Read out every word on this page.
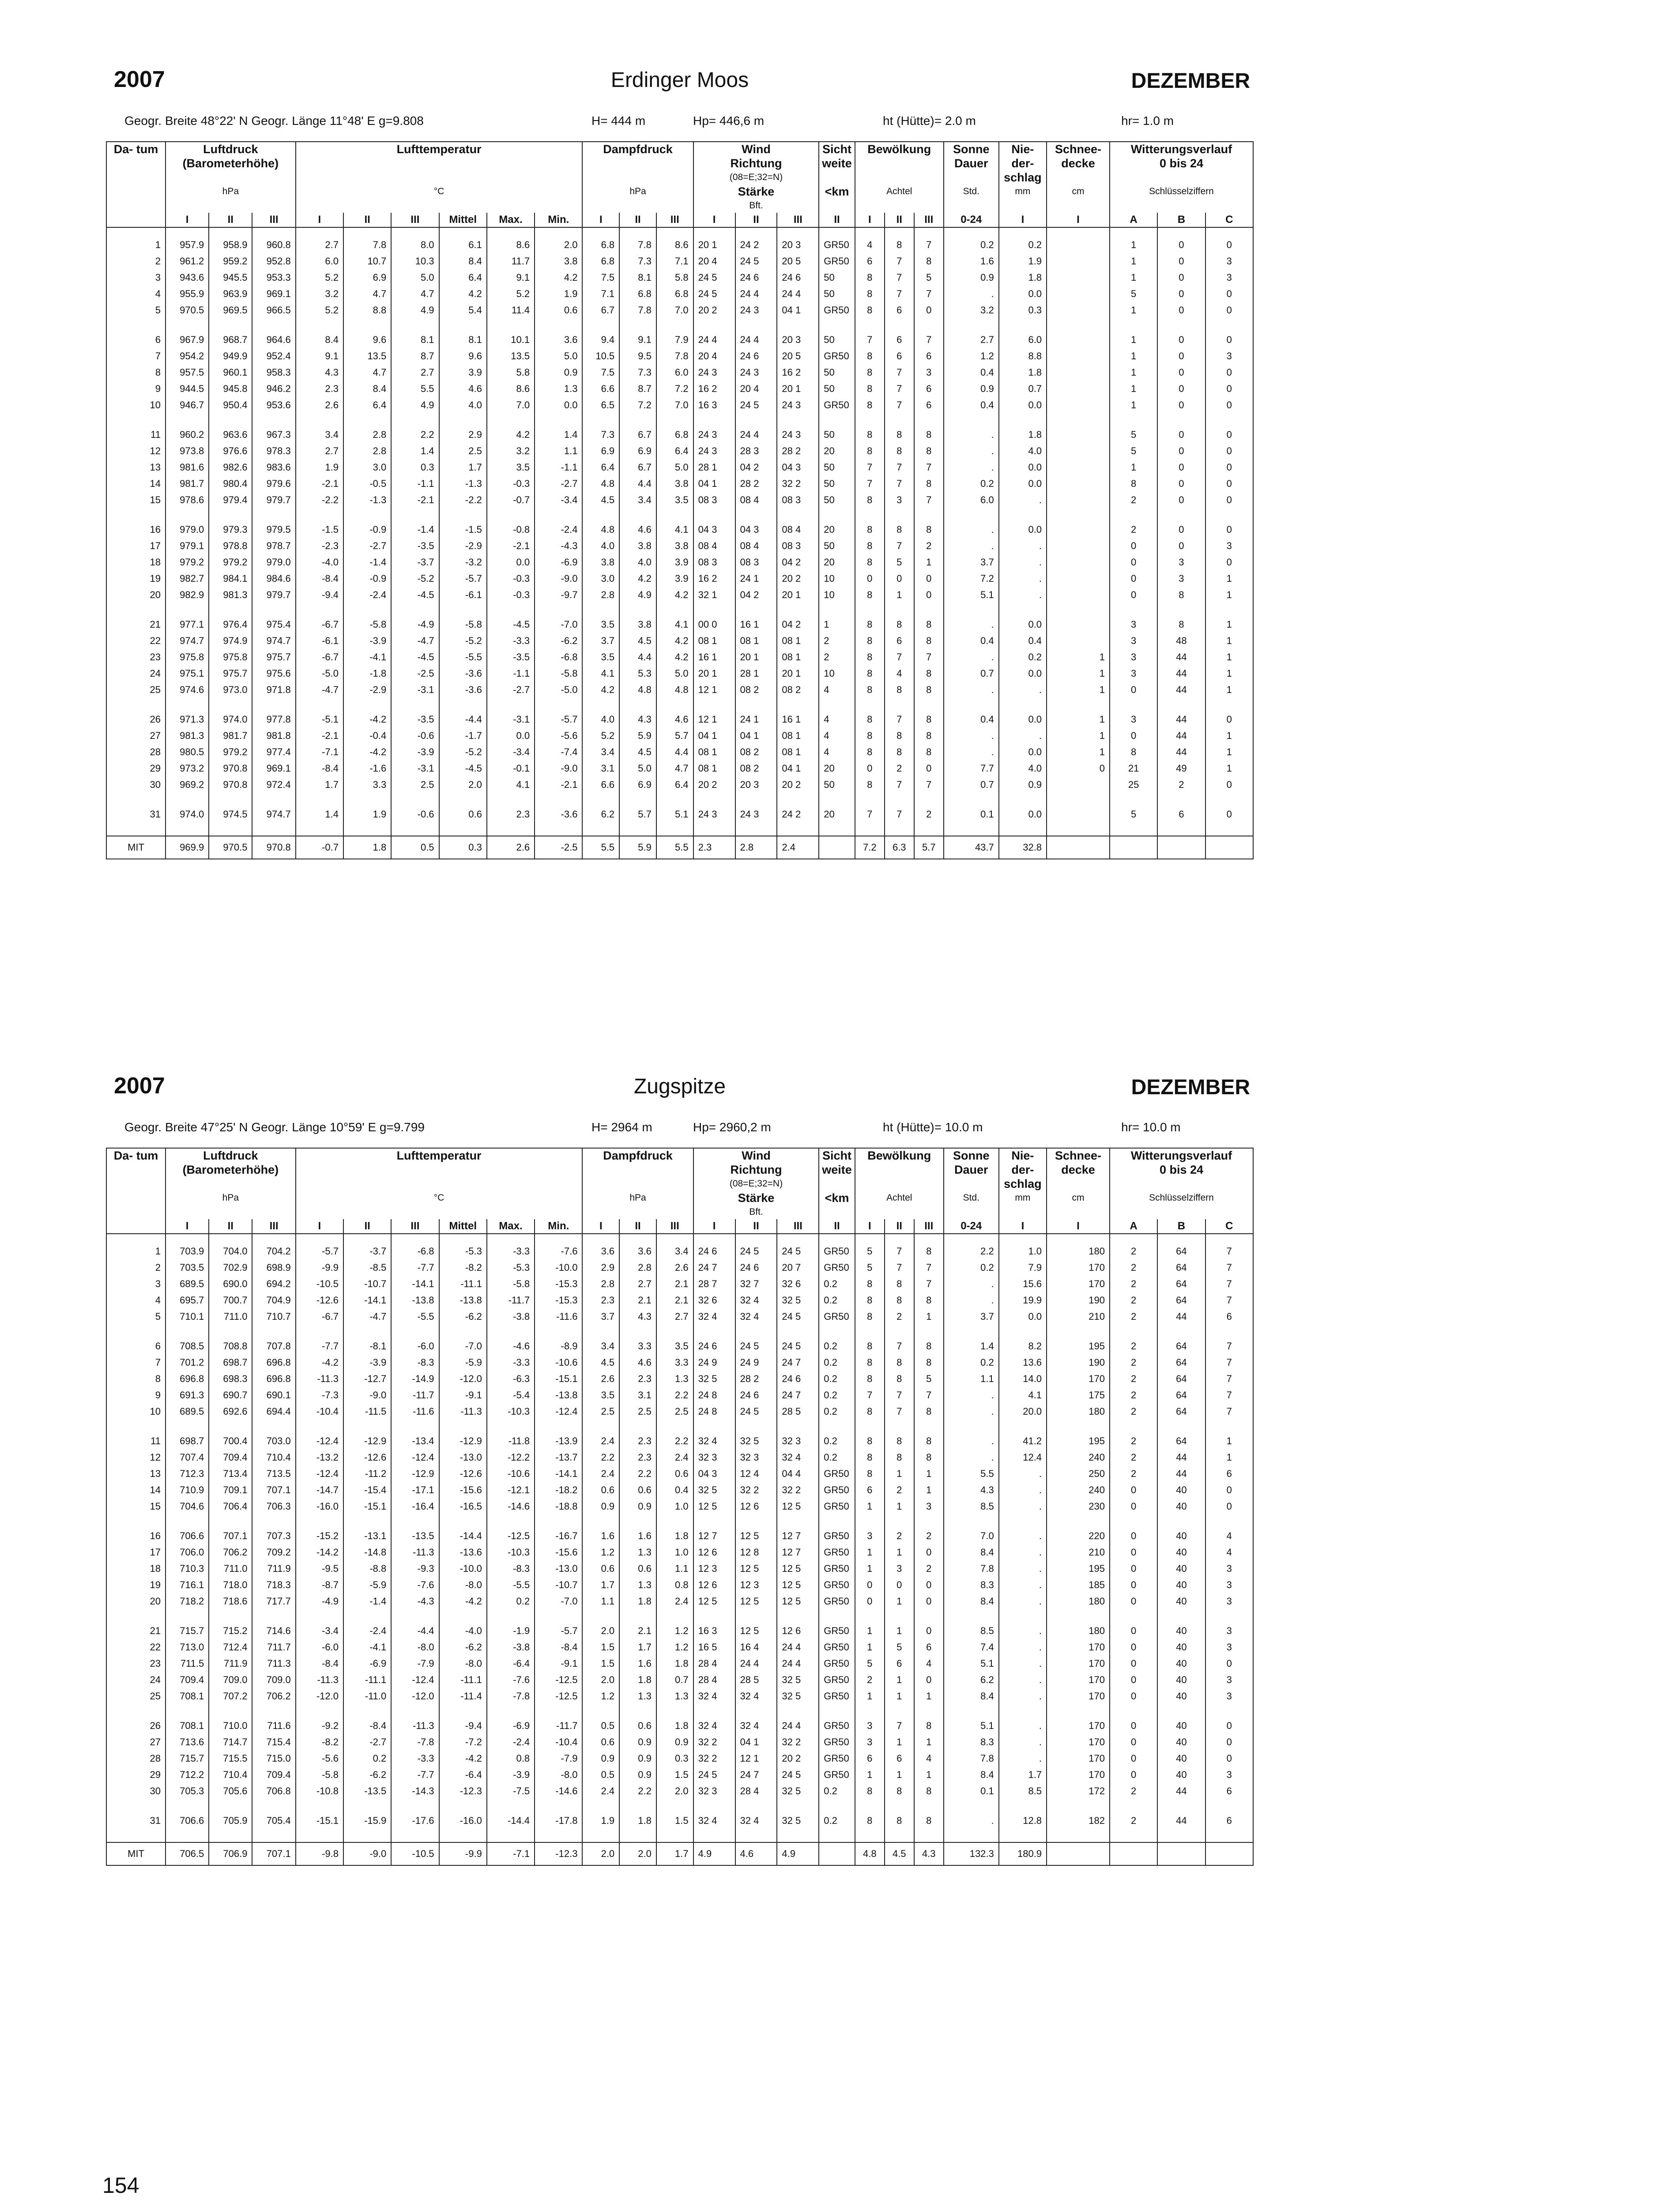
2007	Erdinger Moos	DEZEMBER
Geogr. Breite 48°22' N Geogr. Länge 11°48' E g=9.808	H= 444 m	Hp= 446,6 m	ht (Hütte)= 2.0 m	hr= 1.0 m
Da- tum	Luftdruck			Lufttemperatur						Dampfdruck			Wind			Sicht	Bewölkung			Sonne	Nie-	Schnee-	Witterungsverlauf		
	(Barometerhöhe)												Richtung			weite				Dauer	der-	decke	0 bis 24		
													(08=E;32=N)								schlag				
	hPa			°C						hPa			Stärke			<km	Achtel			Std.	mm	cm	Schlüsselziffern		
													Bft.												
	I	II	III	I	II	III	Mittel	Max.	Min.	I	II	III	I	II	III	II	I	II	III	0-24	I	I	A	B	C

1	957.9	958.9	960.8	2.7	7.8	8.0	6.1	8.6	2.0	6.8	7.8	8.6	20 1	24 2	20 3	GR50	4	8	7	0.2	0.2		1	0	0
2	961.2	959.2	952.8	6.0	10.7	10.3	8.4	11.7	3.8	6.8	7.3	7.1	20 4	24 5	20 5	GR50	6	7	8	1.6	1.9		1	0	3
3	943.6	945.5	953.3	5.2	6.9	5.0	6.4	9.1	4.2	7.5	8.1	5.8	24 5	24 6	24 6	50	8	7	5	0.9	1.8		1	0	3
4	955.9	963.9	969.1	3.2	4.7	4.7	4.2	5.2	1.9	7.1	6.8	6.8	24 5	24 4	24 4	50	8	7	7	.	0.0		5	0	0
5	970.5	969.5	966.5	5.2	8.8	4.9	5.4	11.4	0.6	6.7	7.8	7.0	20 2	24 3	04 1	GR50	8	6	0	3.2	0.3		1	0	0

6	967.9	968.7	964.6	8.4	9.6	8.1	8.1	10.1	3.6	9.4	9.1	7.9	24 4	24 4	20 3	50	7	6	7	2.7	6.0		1	0	0
7	954.2	949.9	952.4	9.1	13.5	8.7	9.6	13.5	5.0	10.5	9.5	7.8	20 4	24 6	20 5	GR50	8	6	6	1.2	8.8		1	0	3
8	957.5	960.1	958.3	4.3	4.7	2.7	3.9	5.8	0.9	7.5	7.3	6.0	24 3	24 3	16 2	50	8	7	3	0.4	1.8		1	0	0
9	944.5	945.8	946.2	2.3	8.4	5.5	4.6	8.6	1.3	6.6	8.7	7.2	16 2	20 4	20 1	50	8	7	6	0.9	0.7		1	0	0
10	946.7	950.4	953.6	2.6	6.4	4.9	4.0	7.0	0.0	6.5	7.2	7.0	16 3	24 5	24 3	GR50	8	7	6	0.4	0.0		1	0	0

11	960.2	963.6	967.3	3.4	2.8	2.2	2.9	4.2	1.4	7.3	6.7	6.8	24 3	24 4	24 3	50	8	8	8	.	1.8		5	0	0
12	973.8	976.6	978.3	2.7	2.8	1.4	2.5	3.2	1.1	6.9	6.9	6.4	24 3	28 3	28 2	20	8	8	8	.	4.0		5	0	0
13	981.6	982.6	983.6	1.9	3.0	0.3	1.7	3.5	-1.1	6.4	6.7	5.0	28 1	04 2	04 3	50	7	7	7	.	0.0		1	0	0
14	981.7	980.4	979.6	-2.1	-0.5	-1.1	-1.3	-0.3	-2.7	4.8	4.4	3.8	04 1	28 2	32 2	50	7	7	8	0.2	0.0		8	0	0
15	978.6	979.4	979.7	-2.2	-1.3	-2.1	-2.2	-0.7	-3.4	4.5	3.4	3.5	08 3	08 4	08 3	50	8	3	7	6.0	.		2	0	0

16	979.0	979.3	979.5	-1.5	-0.9	-1.4	-1.5	-0.8	-2.4	4.8	4.6	4.1	04 3	04 3	08 4	20	8	8	8	.	0.0		2	0	0
17	979.1	978.8	978.7	-2.3	-2.7	-3.5	-2.9	-2.1	-4.3	4.0	3.8	3.8	08 4	08 4	08 3	50	8	7	2	.	.		0	0	3
18	979.2	979.2	979.0	-4.0	-1.4	-3.7	-3.2	0.0	-6.9	3.8	4.0	3.9	08 3	08 3	04 2	20	8	5	1	3.7	.		0	3	0
19	982.7	984.1	984.6	-8.4	-0.9	-5.2	-5.7	-0.3	-9.0	3.0	4.2	3.9	16 2	24 1	20 2	10	0	0	0	7.2	.		0	3	1
20	982.9	981.3	979.7	-9.4	-2.4	-4.5	-6.1	-0.3	-9.7	2.8	4.9	4.2	32 1	04 2	20 1	10	8	1	0	5.1	.		0	8	1

21	977.1	976.4	975.4	-6.7	-5.8	-4.9	-5.8	-4.5	-7.0	3.5	3.8	4.1	00 0	16 1	04 2	1	8	8	8	.	0.0		3	8	1
22	974.7	974.9	974.7	-6.1	-3.9	-4.7	-5.2	-3.3	-6.2	3.7	4.5	4.2	08 1	08 1	08 1	2	8	6	8	0.4	0.4		3	48	1
23	975.8	975.8	975.7	-6.7	-4.1	-4.5	-5.5	-3.5	-6.8	3.5	4.4	4.2	16 1	20 1	08 1	2	8	7	7	.	0.2	1	3	44	1
24	975.1	975.7	975.6	-5.0	-1.8	-2.5	-3.6	-1.1	-5.8	4.1	5.3	5.0	20 1	28 1	20 1	10	8	4	8	0.7	0.0	1	3	44	1
25	974.6	973.0	971.8	-4.7	-2.9	-3.1	-3.6	-2.7	-5.0	4.2	4.8	4.8	12 1	08 2	08 2	4	8	8	8	.	.	1	0	44	1

26	971.3	974.0	977.8	-5.1	-4.2	-3.5	-4.4	-3.1	-5.7	4.0	4.3	4.6	12 1	24 1	16 1	4	8	7	8	0.4	0.0	1	3	44	0
27	981.3	981.7	981.8	-2.1	-0.4	-0.6	-1.7	0.0	-5.6	5.2	5.9	5.7	04 1	04 1	08 1	4	8	8	8	.	.	1	0	44	1
28	980.5	979.2	977.4	-7.1	-4.2	-3.9	-5.2	-3.4	-7.4	3.4	4.5	4.4	08 1	08 2	08 1	4	8	8	8	.	0.0	1	8	44	1
29	973.2	970.8	969.1	-8.4	-1.6	-3.1	-4.5	-0.1	-9.0	3.1	5.0	4.7	08 1	08 2	04 1	20	0	2	0	7.7	4.0	0	21	49	1
30	969.2	970.8	972.4	1.7	3.3	2.5	2.0	4.1	-2.1	6.6	6.9	6.4	20 2	20 3	20 2	50	8	7	7	0.7	0.9		25	2	0

31	974.0	974.5	974.7	1.4	1.9	-0.6	0.6	2.3	-3.6	6.2	5.7	5.1	24 3	24 3	24 2	20	7	7	2	0.1	0.0		5	6	0

MIT	969.9	970.5	970.8	-0.7	1.8	0.5	0.3	2.6	-2.5	5.5	5.9	5.5	2.3	2.8	2.4		7.2	6.3	5.7	43.7	32.8				
2007	Zugspitze	DEZEMBER
Geogr. Breite 47°25' N Geogr. Länge 10°59' E g=9.799	H= 2964 m	Hp= 2960,2 m	ht (Hütte)= 10.0 m	hr= 10.0 m
Da- tum	Luftdruck			Lufttemperatur						Dampfdruck			Wind			Sicht	Bewölkung			Sonne	Nie-	Schnee-	Witterungsverlauf		
	(Barometerhöhe)												Richtung			weite				Dauer	der-	decke	0 bis 24		
													(08=E;32=N)								schlag				
	hPa			°C						hPa			Stärke			<km	Achtel			Std.	mm	cm	Schlüsselziffern		
													Bft.												
	I	II	III	I	II	III	Mittel	Max.	Min.	I	II	III	I	II	III	II	I	II	III	0-24	I	I	A	B	C

1	703.9	704.0	704.2	-5.7	-3.7	-6.8	-5.3	-3.3	-7.6	3.6	3.6	3.4	24 6	24 5	24 5	GR50	5	7	8	2.2	1.0	180	2	64	7
2	703.5	702.9	698.9	-9.9	-8.5	-7.7	-8.2	-5.3	-10.0	2.9	2.8	2.6	24 7	24 6	20 7	GR50	5	7	7	0.2	7.9	170	2	64	7
3	689.5	690.0	694.2	-10.5	-10.7	-14.1	-11.1	-5.8	-15.3	2.8	2.7	2.1	28 7	32 7	32 6	0.2	8	8	7	.	15.6	170	2	64	7
4	695.7	700.7	704.9	-12.6	-14.1	-13.8	-13.8	-11.7	-15.3	2.3	2.1	2.1	32 6	32 4	32 5	0.2	8	8	8	.	19.9	190	2	64	7
5	710.1	711.0	710.7	-6.7	-4.7	-5.5	-6.2	-3.8	-11.6	3.7	4.3	2.7	32 4	32 4	24 5	GR50	8	2	1	3.7	0.0	210	2	44	6

6	708.5	708.8	707.8	-7.7	-8.1	-6.0	-7.0	-4.6	-8.9	3.4	3.3	3.5	24 6	24 5	24 5	0.2	8	7	8	1.4	8.2	195	2	64	7
7	701.2	698.7	696.8	-4.2	-3.9	-8.3	-5.9	-3.3	-10.6	4.5	4.6	3.3	24 9	24 9	24 7	0.2	8	8	8	0.2	13.6	190	2	64	7
8	696.8	698.3	696.8	-11.3	-12.7	-14.9	-12.0	-6.3	-15.1	2.6	2.3	1.3	32 5	28 2	24 6	0.2	8	8	5	1.1	14.0	170	2	64	7
9	691.3	690.7	690.1	-7.3	-9.0	-11.7	-9.1	-5.4	-13.8	3.5	3.1	2.2	24 8	24 6	24 7	0.2	7	7	7	.	4.1	175	2	64	7
10	689.5	692.6	694.4	-10.4	-11.5	-11.6	-11.3	-10.3	-12.4	2.5	2.5	2.5	24 8	24 5	28 5	0.2	8	7	8	.	20.0	180	2	64	7

11	698.7	700.4	703.0	-12.4	-12.9	-13.4	-12.9	-11.8	-13.9	2.4	2.3	2.2	32 4	32 5	32 3	0.2	8	8	8	.	41.2	195	2	64	1
12	707.4	709.4	710.4	-13.2	-12.6	-12.4	-13.0	-12.2	-13.7	2.2	2.3	2.4	32 3	32 3	32 4	0.2	8	8	8	.	12.4	240	2	44	1
13	712.3	713.4	713.5	-12.4	-11.2	-12.9	-12.6	-10.6	-14.1	2.4	2.2	0.6	04 3	12 4	04 4	GR50	8	1	1	5.5	.	250	2	44	6
14	710.9	709.1	707.1	-14.7	-15.4	-17.1	-15.6	-12.1	-18.2	0.6	0.6	0.4	32 5	32 2	32 2	GR50	6	2	1	4.3	.	240	0	40	0
15	704.6	706.4	706.3	-16.0	-15.1	-16.4	-16.5	-14.6	-18.8	0.9	0.9	1.0	12 5	12 6	12 5	GR50	1	1	3	8.5	.	230	0	40	0

16	706.6	707.1	707.3	-15.2	-13.1	-13.5	-14.4	-12.5	-16.7	1.6	1.6	1.8	12 7	12 5	12 7	GR50	3	2	2	7.0	.	220	0	40	4
17	706.0	706.2	709.2	-14.2	-14.8	-11.3	-13.6	-10.3	-15.6	1.2	1.3	1.0	12 6	12 8	12 7	GR50	1	1	0	8.4	.	210	0	40	4
18	710.3	711.0	711.9	-9.5	-8.8	-9.3	-10.0	-8.3	-13.0	0.6	0.6	1.1	12 3	12 5	12 5	GR50	1	3	2	7.8	.	195	0	40	3
19	716.1	718.0	718.3	-8.7	-5.9	-7.6	-8.0	-5.5	-10.7	1.7	1.3	0.8	12 6	12 3	12 5	GR50	0	0	0	8.3	.	185	0	40	3
20	718.2	718.6	717.7	-4.9	-1.4	-4.3	-4.2	0.2	-7.0	1.1	1.8	2.4	12 5	12 5	12 5	GR50	0	1	0	8.4	.	180	0	40	3

21	715.7	715.2	714.6	-3.4	-2.4	-4.4	-4.0	-1.9	-5.7	2.0	2.1	1.2	16 3	12 5	12 6	GR50	1	1	0	8.5	.	180	0	40	3
22	713.0	712.4	711.7	-6.0	-4.1	-8.0	-6.2	-3.8	-8.4	1.5	1.7	1.2	16 5	16 4	24 4	GR50	1	5	6	7.4	.	170	0	40	3
23	711.5	711.9	711.3	-8.4	-6.9	-7.9	-8.0	-6.4	-9.1	1.5	1.6	1.8	28 4	24 4	24 4	GR50	5	6	4	5.1	.	170	0	40	0
24	709.4	709.0	709.0	-11.3	-11.1	-12.4	-11.1	-7.6	-12.5	2.0	1.8	0.7	28 4	28 5	32 5	GR50	2	1	0	6.2	.	170	0	40	3
25	708.1	707.2	706.2	-12.0	-11.0	-12.0	-11.4	-7.8	-12.5	1.2	1.3	1.3	32 4	32 4	32 5	GR50	1	1	1	8.4	.	170	0	40	3

26	708.1	710.0	711.6	-9.2	-8.4	-11.3	-9.4	-6.9	-11.7	0.5	0.6	1.8	32 4	32 4	24 4	GR50	3	7	8	5.1	.	170	0	40	0
27	713.6	714.7	715.4	-8.2	-2.7	-7.8	-7.2	-2.4	-10.4	0.6	0.9	0.9	32 2	04 1	32 2	GR50	3	1	1	8.3	.	170	0	40	0
28	715.7	715.5	715.0	-5.6	0.2	-3.3	-4.2	0.8	-7.9	0.9	0.9	0.3	32 2	12 1	20 2	GR50	6	6	4	7.8	.	170	0	40	0
29	712.2	710.4	709.4	-5.8	-6.2	-7.7	-6.4	-3.9	-8.0	0.5	0.9	1.5	24 5	24 7	24 5	GR50	1	1	1	8.4	1.7	170	0	40	3
30	705.3	705.6	706.8	-10.8	-13.5	-14.3	-12.3	-7.5	-14.6	2.4	2.2	2.0	32 3	28 4	32 5	0.2	8	8	8	0.1	8.5	172	2	44	6

31	706.6	705.9	705.4	-15.1	-15.9	-17.6	-16.0	-14.4	-17.8	1.9	1.8	1.5	32 4	32 4	32 5	0.2	8	8	8	.	12.8	182	2	44	6

MIT	706.5	706.9	707.1	-9.8	-9.0	-10.5	-9.9	-7.1	-12.3	2.0	2.0	1.7	4.9	4.6	4.9		4.8	4.5	4.3	132.3	180.9				
154
